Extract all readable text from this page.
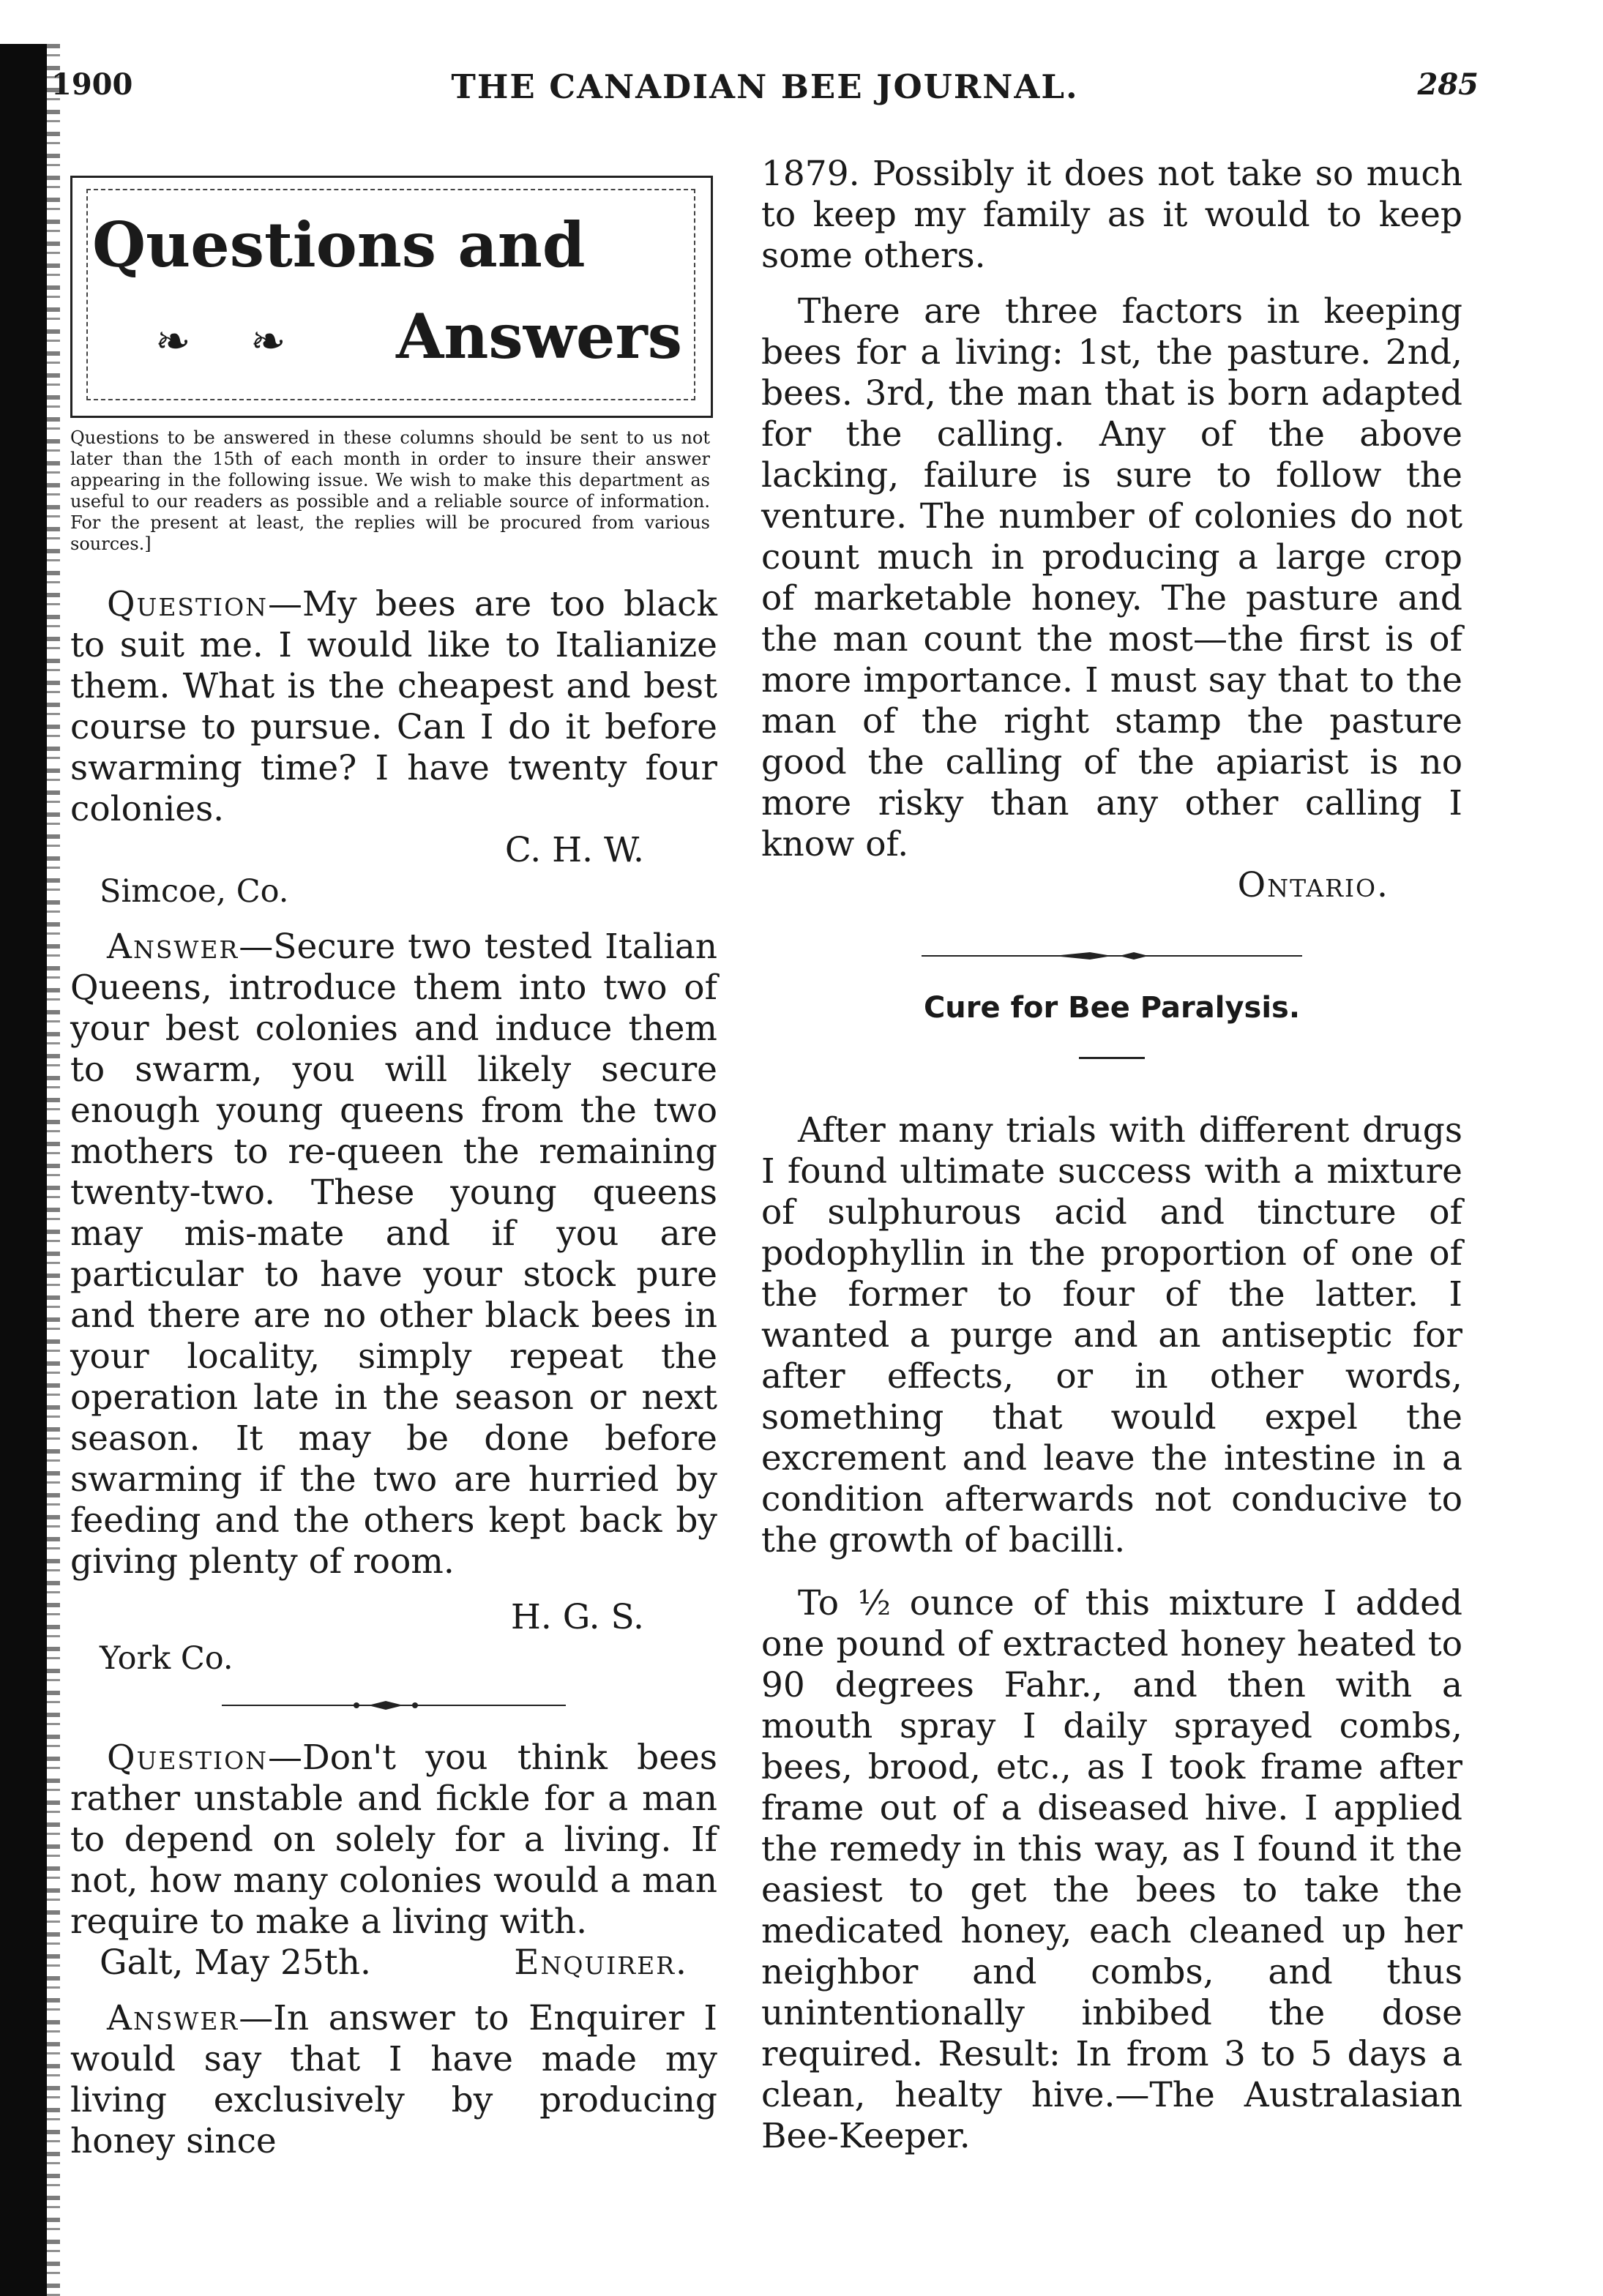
1900	THE CANADIAN BEE JOURNAL.	285
Questions and
❧ ❧ Answers
Questions to be answered in these columns should be sent to us not later than the 15th of each month in order to insure their answer appearing in the following issue. We wish to make this department as useful to our readers as possible and a reliable source of information. For the present at least, the replies will be procured from various sources.]

Question—My bees are too black to suit me. I would like to Italianize them. What is the cheapest and best course to pursue. Can I do it before swarming time? I have twenty four colonies.

C. H. W.
Simcoe, Co.

Answer—Secure two tested Italian Queens, introduce them into two of your best colonies and induce them to swarm, you will likely secure enough young queens from the two mothers to re-queen the remaining twenty-two. These young queens may mis-mate and if you are particular to have your stock pure and there are no other black bees in your locality, simply repeat the operation late in the season or next season. It may be done before swarming if the two are hurried by feeding and the others kept back by giving plenty of room.

H. G. S.
York Co.

Question—Don't you think bees rather unstable and fickle for a man to depend on solely for a living. If not, how many colonies would a man require to make a living with.

Galt, May 25th.	Enquirer.

Answer—In answer to Enquirer I would say that I have made my living exclusively by producing honey since

1879. Possibly it does not take so much to keep my family as it would to keep some others.

There are three factors in keeping bees for a living: 1st, the pasture. 2nd, bees. 3rd, the man that is born adapted for the calling. Any of the above lacking, failure is sure to follow the venture. The number of colonies do not count much in producing a large crop of marketable honey. The pasture and the man count the most—the first is of more importance. I must say that to the man of the right stamp the pasture good the calling of the apiarist is no more risky than any other calling I know of.

Ontario.
Cure for Bee Paralysis.

After many trials with different drugs I found ultimate success with a mixture of sulphurous acid and tincture of podophyllin in the proportion of one of the former to four of the latter. I wanted a purge and an antiseptic for after effects, or in other words, something that would expel the excrement and leave the intestine in a condition afterwards not conducive to the growth of bacilli.

To ½ ounce of this mixture I added one pound of extracted honey heated to 90 degrees Fahr., and then with a mouth spray I daily sprayed combs, bees, brood, etc., as I took frame after frame out of a diseased hive. I applied the remedy in this way, as I found it the easiest to get the bees to take the medicated honey, each cleaned up her neighbor and combs, and thus unintentionally inbibed the dose required. Result: In from 3 to 5 days a clean, healty hive.—The Australasian Bee-Keeper.
